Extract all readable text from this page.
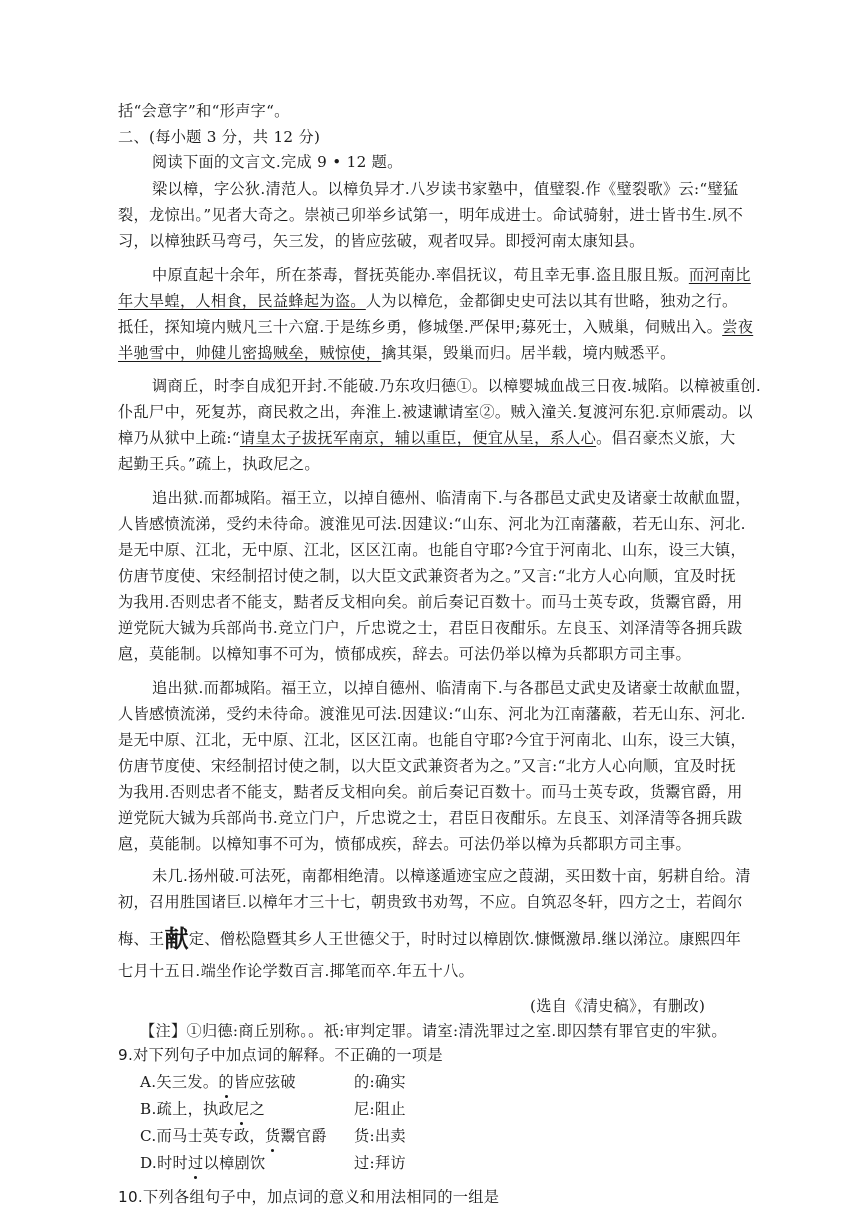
括“会意字”和“形声字“。
二、(每小题 3 分，共 12 分)
阅读下面的文言文.完成 9 • 12 题。
梁以樟，字公狄.清范人。以樟负异才.八岁读书家塾中，值璧裂.作《璧裂歌》云:“璧猛
裂，龙惊出。”见者大奇之。崇祯己卯举乡试第一，明年成进士。命试骑射，进士皆书生.夙不
习，以樟独跃马弯弓，矢三发，的皆应弦破，观者叹异。即授河南太康知县。
中原直起十余年，所在茶毒，督抚英能办.率倡抚议，苟且幸无事.盗且服且叛。而河南比
年大旱蝗，人相食，民益蜂起为盗。人为以樟危，金都御史史可法以其有世略，独劝之行。
抵任，探知境内贼凡三十六窟.于是练乡勇，修城堡.严保甲;募死士，入贼巢，伺贼出入。尝夜
半驰雪中，帅健儿密捣贼垒，贼惊使，擒其渠，毁巢而归。居半载，境内贼悉平。
调商丘，时李自成犯开封.不能破.乃东攻归德①。以樟婴城血战三日夜.城陷。以樟被重创.
仆乱尸中，死复苏，商民救之出，奔淮上.被逮谳请室②。贼入潼关.复渡河东犯.京师震动。以
樟乃从狱中上疏:“请皇太子拔抚军南京，辅以重臣，便宜从呈，系人心。倡召豪杰义旅，大
起勤王兵。”疏上，执政尼之。
追出狱.而都城陷。福王立，以掉自德州、临清南下.与各郡邑丈武史及诸豪士故献血盟，
人皆感愤流涕，受约未待命。渡淮见可法.因建议:“山东、河北为江南藩蔽，若无山东、河北.
是无中原、江北，无中原、江北，区区江南。也能自守耶?今宜于河南北、山东，设三大镇，
仿唐节度使、宋经制招讨使之制，以大臣文武兼资者为之。”又言:“北方人心向顺，宜及时抚
为我用.否则忠者不能支，黠者反戈相向矣。前后奏记百数十。而马士英专政，货鬻官爵，用
逆党阮大铖为兵部尚书.竞立门户，斤忠谠之士，君臣日夜酣乐。左良玉、刘泽清等各拥兵跋
扈，莫能制。以樟知事不可为，愤郁成疾，辞去。可法仍举以樟为兵都职方司主事。
追出狱.而都城陷。福王立，以掉自德州、临清南下.与各郡邑丈武史及诸豪士故献血盟，
人皆感愤流涕，受约未待命。渡淮见可法.因建议:“山东、河北为江南藩蔽，若无山东、河北.
是无中原、江北，无中原、江北，区区江南。也能自守耶?今宜于河南北、山东，设三大镇，
仿唐节度使、宋经制招讨使之制，以大臣文武兼资者为之。”又言:“北方人心向顺，宜及时抚
为我用.否则忠者不能支，黠者反戈相向矣。前后奏记百数十。而马士英专政，货鬻官爵，用
逆党阮大铖为兵部尚书.竞立门户，斤忠谠之士，君臣日夜酣乐。左良玉、刘泽清等各拥兵跋
扈，莫能制。以樟知事不可为，愤郁成疾，辞去。可法仍举以樟为兵都职方司主事。
未几.扬州破.可法死，南都相绝清。以樟遂遁迹宝应之葭湖，买田数十亩，躬耕自给。清
初，召用胜国诸巨.以樟年才三十七，朝贵致书劝驾，不应。自筑忍冬轩，四方之士，若阎尔
梅、王献定、僧松隐暨其乡人王世德父于，时时过以樟剧饮.慷慨激昂.继以涕泣。康熙四年
七月十五日.端坐作论学数百言.揶笔而卒.年五十八。
(选自《清史稿》，有删改)
【注】①归德:商丘别称。。祇:审判定罪。请室:清洗罪过之室.即囚禁有罪官吏的牢狱。
9.对下列句子中加点词的解释。不正确的一项是
A.矢三发。的皆应弦破	的:确实
B.疏上，执政尼之	尼:阻止
C.而马士英专政，货鬻官爵 货:出卖
D.时时过以樟剧饮	过:拜访
10.下列各组句子中，加点词的意义和用法相同的一组是
